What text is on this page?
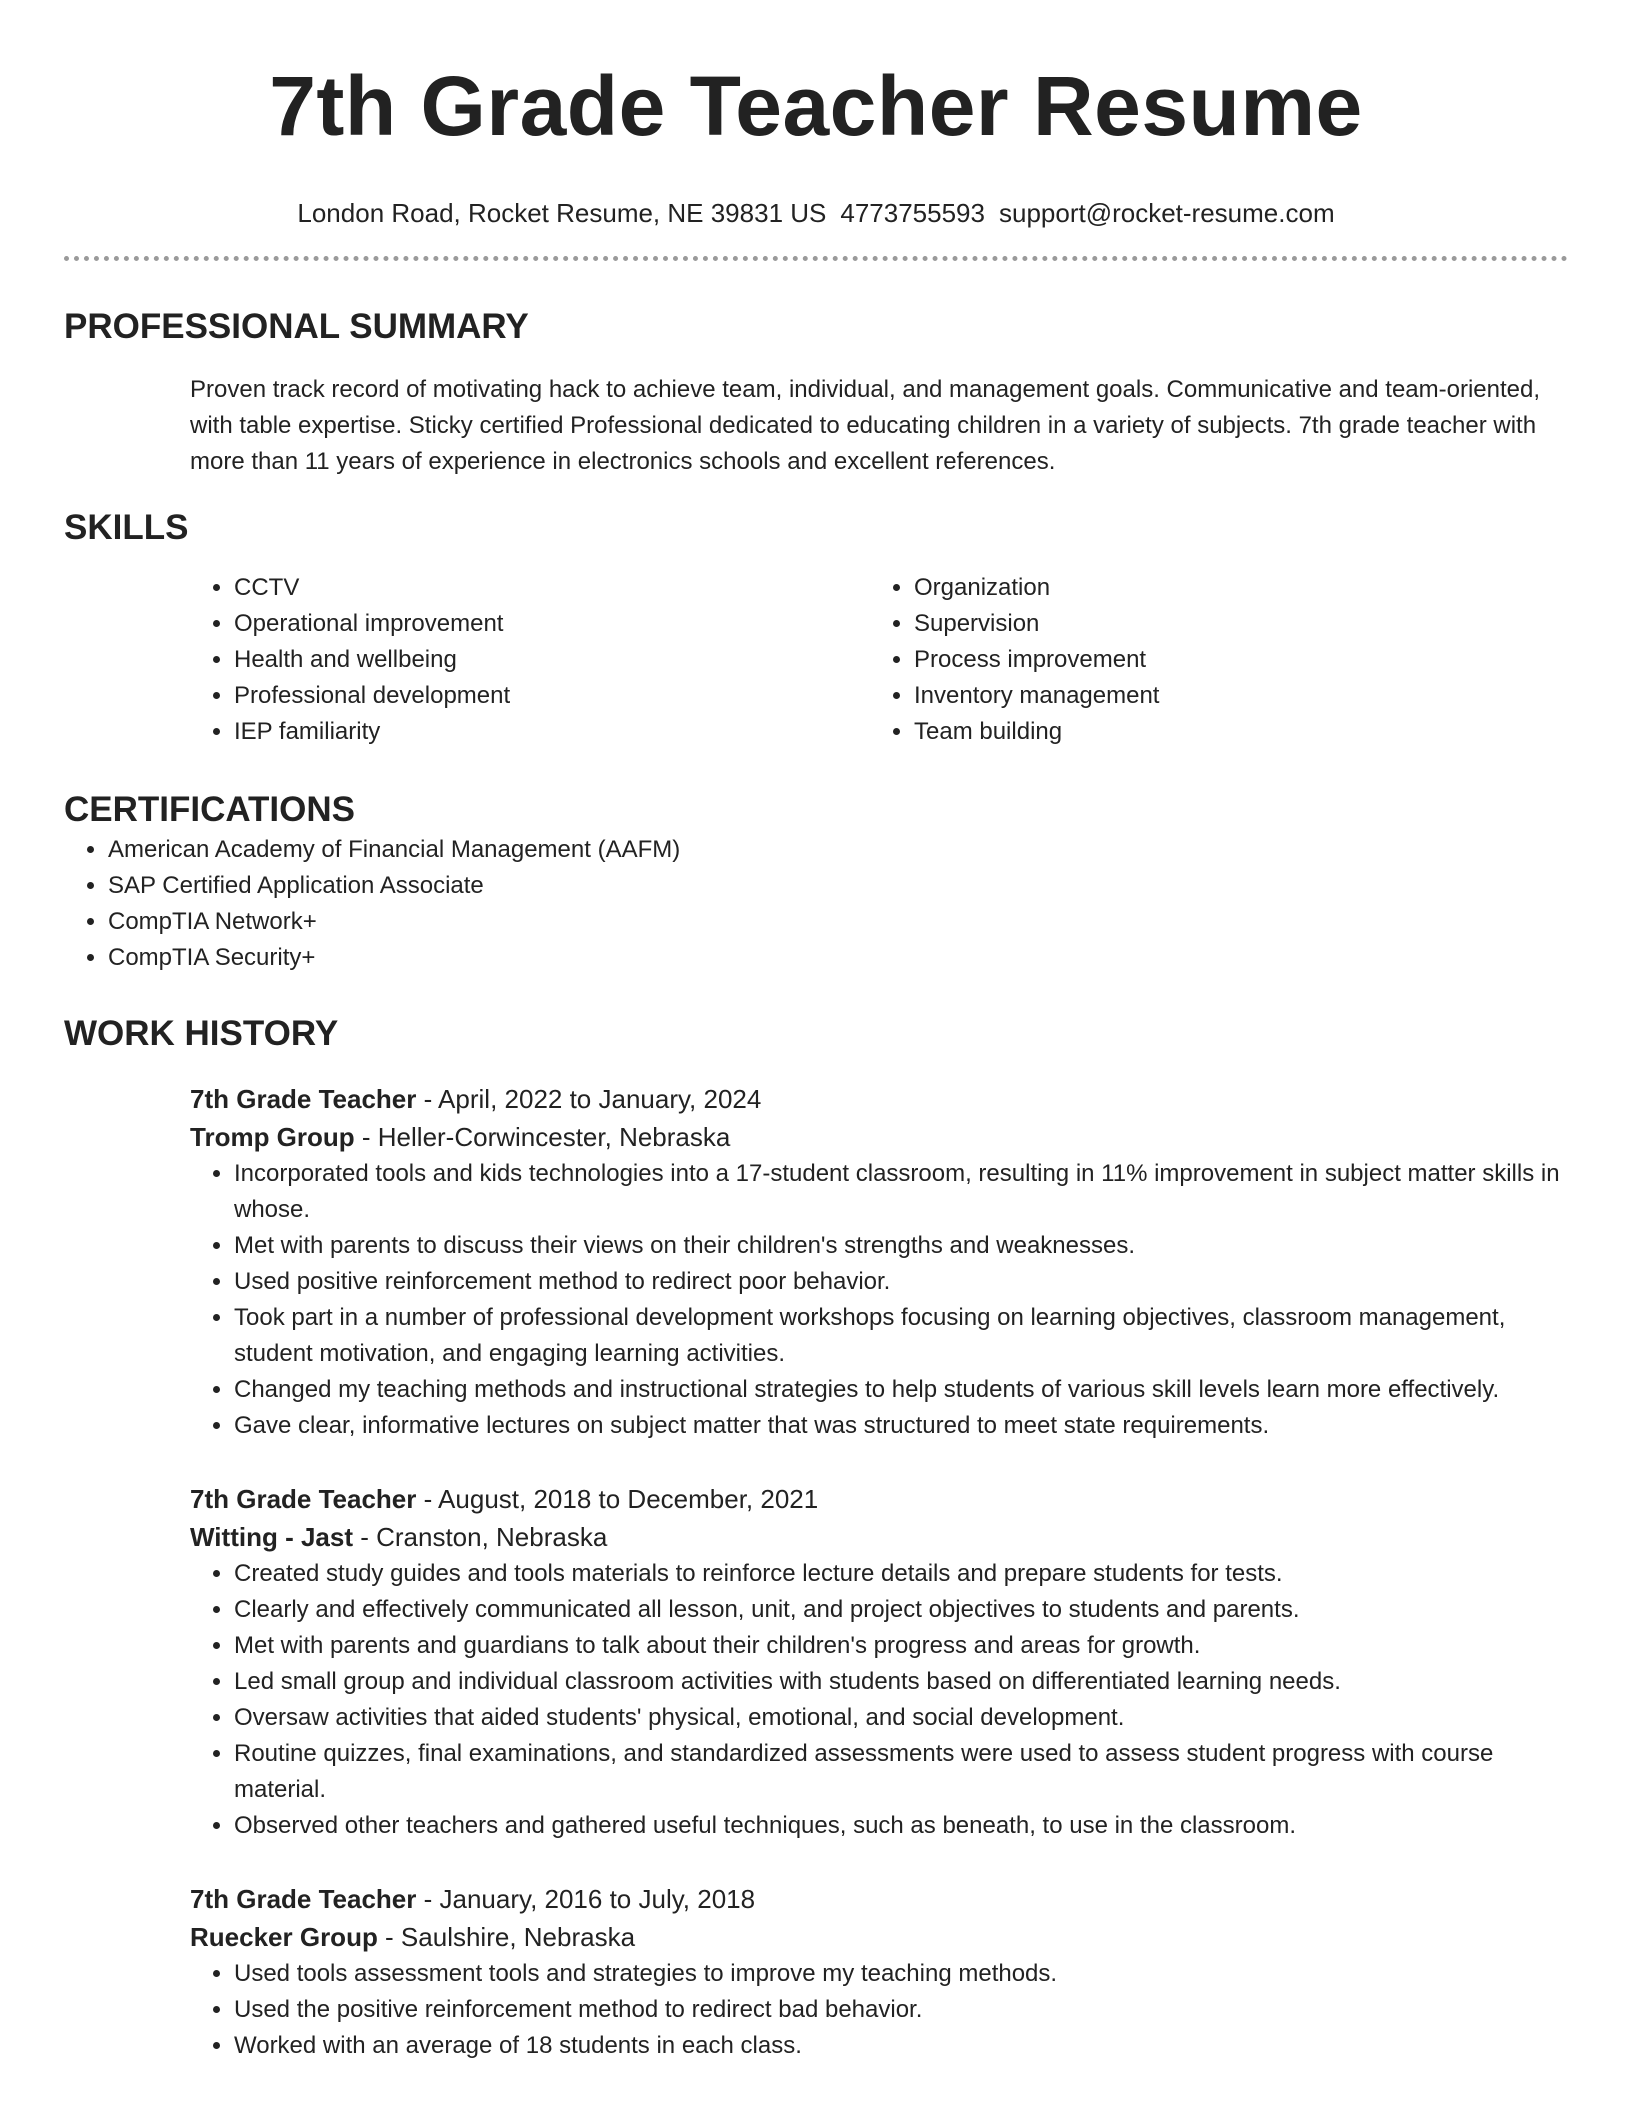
7th Grade Teacher Resume
London Road, Rocket Resume, NE 39831 US 4773755593 support@rocket-resume.com
PROFESSIONAL SUMMARY

Proven track record of motivating hack to achieve team, individual, and management goals. Communicative and team-oriented, with table expertise. Sticky certified Professional dedicated to educating children in a variety of subjects. 7th grade teacher with more than 11 years of experience in electronics schools and excellent references.

SKILLS
• CCTV
• Operational improvement
• Health and wellbeing
• Professional development
• IEP familiarity
• Organization
• Supervision
• Process improvement
• Inventory management
• Team building
CERTIFICATIONS
• American Academy of Financial Management (AAFM)
• SAP Certified Application Associate
• CompTIA Network+
• CompTIA Security+
WORK HISTORY
7th Grade Teacher - April, 2022 to January, 2024
Tromp Group - Heller-Corwincester, Nebraska
• Incorporated tools and kids technologies into a 17-student classroom, resulting in 11% improvement in subject matter skills in whose.
• Met with parents to discuss their views on their children's strengths and weaknesses.
• Used positive reinforcement method to redirect poor behavior.
• Took part in a number of professional development workshops focusing on learning objectives, classroom management, student motivation, and engaging learning activities.
• Changed my teaching methods and instructional strategies to help students of various skill levels learn more effectively.
• Gave clear, informative lectures on subject matter that was structured to meet state requirements.
7th Grade Teacher - August, 2018 to December, 2021
Witting - Jast - Cranston, Nebraska
• Created study guides and tools materials to reinforce lecture details and prepare students for tests.
• Clearly and effectively communicated all lesson, unit, and project objectives to students and parents.
• Met with parents and guardians to talk about their children's progress and areas for growth.
• Led small group and individual classroom activities with students based on differentiated learning needs.
• Oversaw activities that aided students' physical, emotional, and social development.
• Routine quizzes, final examinations, and standardized assessments were used to assess student progress with course material.
• Observed other teachers and gathered useful techniques, such as beneath, to use in the classroom.
7th Grade Teacher - January, 2016 to July, 2018
Ruecker Group - Saulshire, Nebraska
• Used tools assessment tools and strategies to improve my teaching methods.
• Used the positive reinforcement method to redirect bad behavior.
• Worked with an average of 18 students in each class.
